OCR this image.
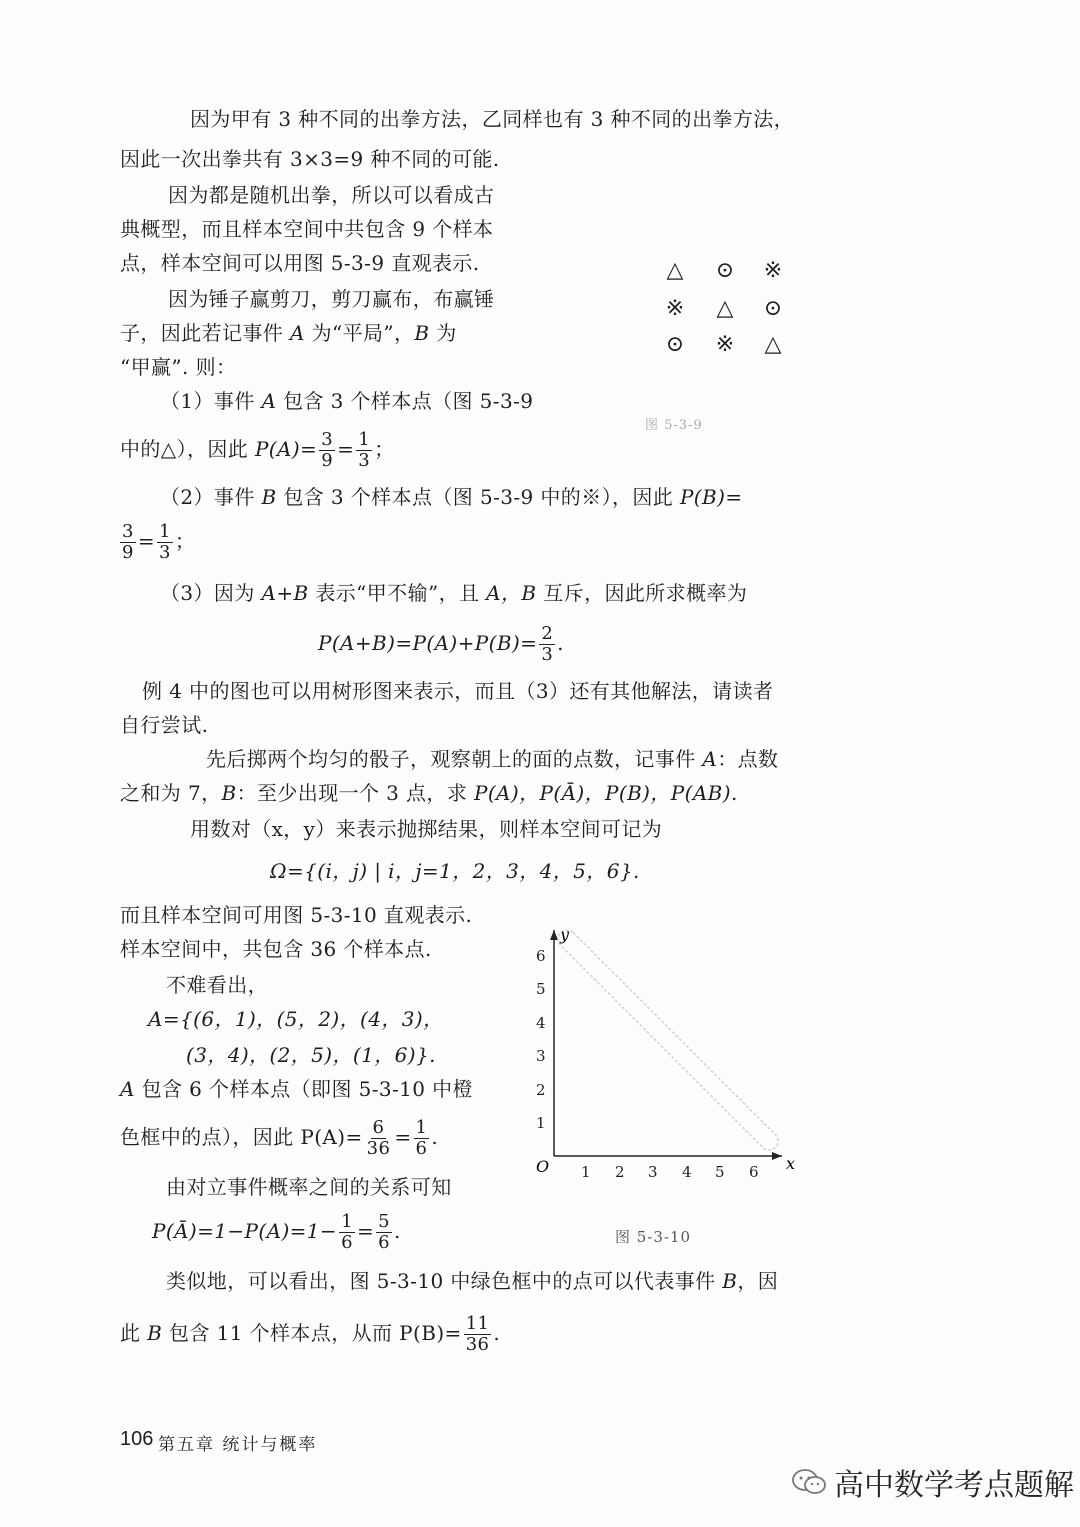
因为甲有 3 种不同的出拳方法，乙同样也有 3 种不同的出拳方法，
因此一次出拳共有 3×3=9 种不同的可能.
因为都是随机出拳，所以可以看成古
典概型，而且样本空间中共包含 9 个样本
点，样本空间可以用图 5-3-9 直观表示.
因为锤子赢剪刀，剪刀赢布，布赢锤
子，因此若记事件 A 为“平局”，B 为
“甲赢”. 则：
（1）事件 A 包含 3 个样本点（图 5-3-9
中的△），因此 $P(A)= \frac{3}{9} = \frac{1}{3}$ ；
△ ⊙ ※
※ △ ⊙
⊙ ※ △
图 5-3-9
（2）事件 B 包含 3 个样本点（图 5-3-9 中的※），因此 P(B)=
$\frac{3}{9} = \frac{1}{3}$ ；
（3）因为 A+B 表示“甲不输”，且 A，B 互斥，因此所求概率为
$P(A+B)=P(A)+P(B)= \frac{2}{3}$ .
例 4 中的图也可以用树形图来表示，而且（3）还有其他解法，请读者
自行尝试.
先后掷两个均匀的骰子，观察朝上的面的点数，记事件 A：点数
之和为 7，B：至少出现一个 3 点，求 P(A)，P(Ā)，P(B)，P(AB).
用数对（x，y）来表示抛掷结果，则样本空间可记为
Ω={(i，j) | i，j=1，2，3，4，5，6}.
而且样本空间可用图 5-3-10 直观表示.
样本空间中，共包含 36 个样本点.
不难看出，
A={(6，1)，(5，2)，(4，3)，
(3，4)，(2，5)，(1，6)}.
A 包含 6 个样本点（即图 5-3-10 中橙
色框中的点），因此 $P(A)= \frac{6}{36} = \frac{1}{6}$ .
由对立事件概率之间的关系可知
P(Ā)=1−P(A)=1− $\frac{1}{6} = \frac{5}{6}$ .
类似地，可以看出，图 5-3-10 中绿色框中的点可以代表事件 B，因
此 B 包含 11 个样本点，从而 $P(B)= \frac{11}{36}$ .
x
y
O 1 2 3 4 5 6
1
2
3
4
5
6
图 5-3-10
106 第五章 统计与概率
高中数学考点题解
